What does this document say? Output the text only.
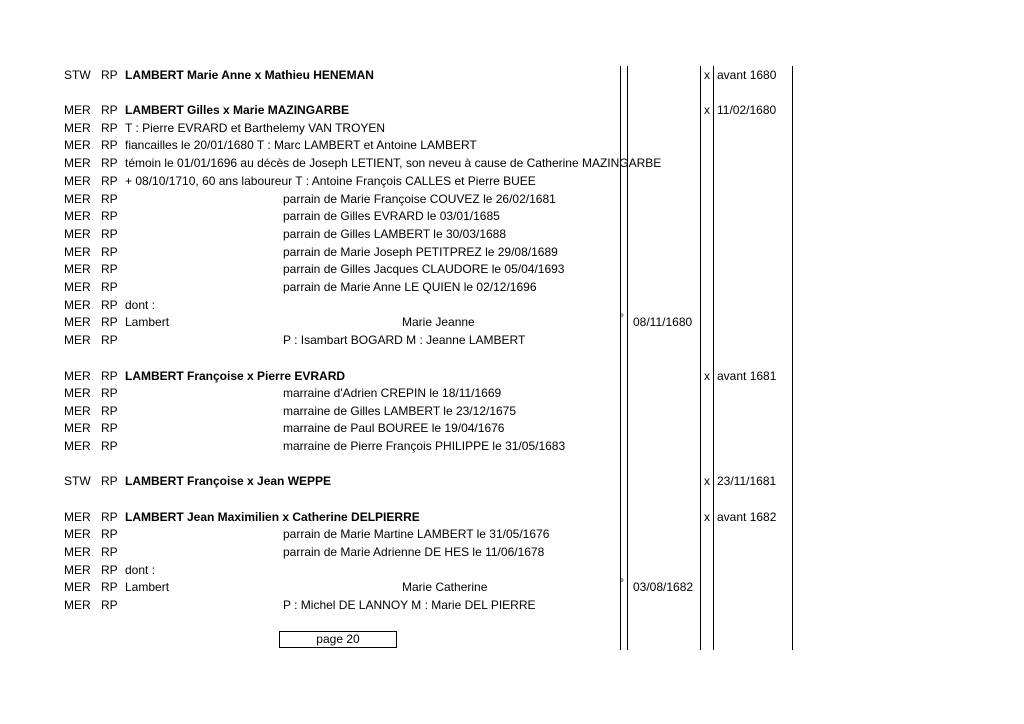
STW RP LAMBERT Marie Anne x Mathieu HENEMAN	x avant 1680
MER RP LAMBERT Gilles x Marie MAZINGARBE	x 11/02/1680
MER RP T : Pierre EVRARD et Barthelemy VAN TROYEN
MER RP fiancailles le 20/01/1680 T : Marc LAMBERT et Antoine LAMBERT
MER RP témoin le 01/01/1696 au décès de Joseph LETIENT, son neveu à cause de Catherine MAZINGARBE
MER RP + 08/10/1710, 60 ans laboureur T : Antoine François CALLES et Pierre BUEE
MER RP	parrain de Marie Françoise COUVEZ le 26/02/1681
MER RP	parrain de Gilles EVRARD le 03/01/1685
MER RP	parrain de Gilles LAMBERT le 30/03/1688
MER RP	parrain de Marie Joseph PETITPREZ le 29/08/1689
MER RP	parrain de Gilles Jacques CLAUDORE le 05/04/1693
MER RP	parrain de Marie Anne LE QUIEN le 02/12/1696
MER RP dont :
MER RP Lambert	Marie Jeanne	° 08/11/1680
MER RP	P : Isambart BOGARD M : Jeanne LAMBERT
MER RP LAMBERT Françoise x Pierre EVRARD	x avant 1681
MER RP	marraine d'Adrien CREPIN le 18/11/1669
MER RP	marraine de Gilles LAMBERT le 23/12/1675
MER RP	marraine de Paul BOUREE le 19/04/1676
MER RP	marraine de Pierre François PHILIPPE le 31/05/1683
STW RP LAMBERT Françoise x Jean WEPPE	x 23/11/1681
MER RP LAMBERT Jean Maximilien x Catherine DELPIERRE	x avant 1682
MER RP	parrain de Marie Martine LAMBERT le 31/05/1676
MER RP	parrain de Marie Adrienne DE HES le 11/06/1678
MER RP dont :
MER RP Lambert	Marie Catherine	° 03/08/1682
MER RP	P : Michel DE LANNOY M : Marie DEL PIERRE
page 20
